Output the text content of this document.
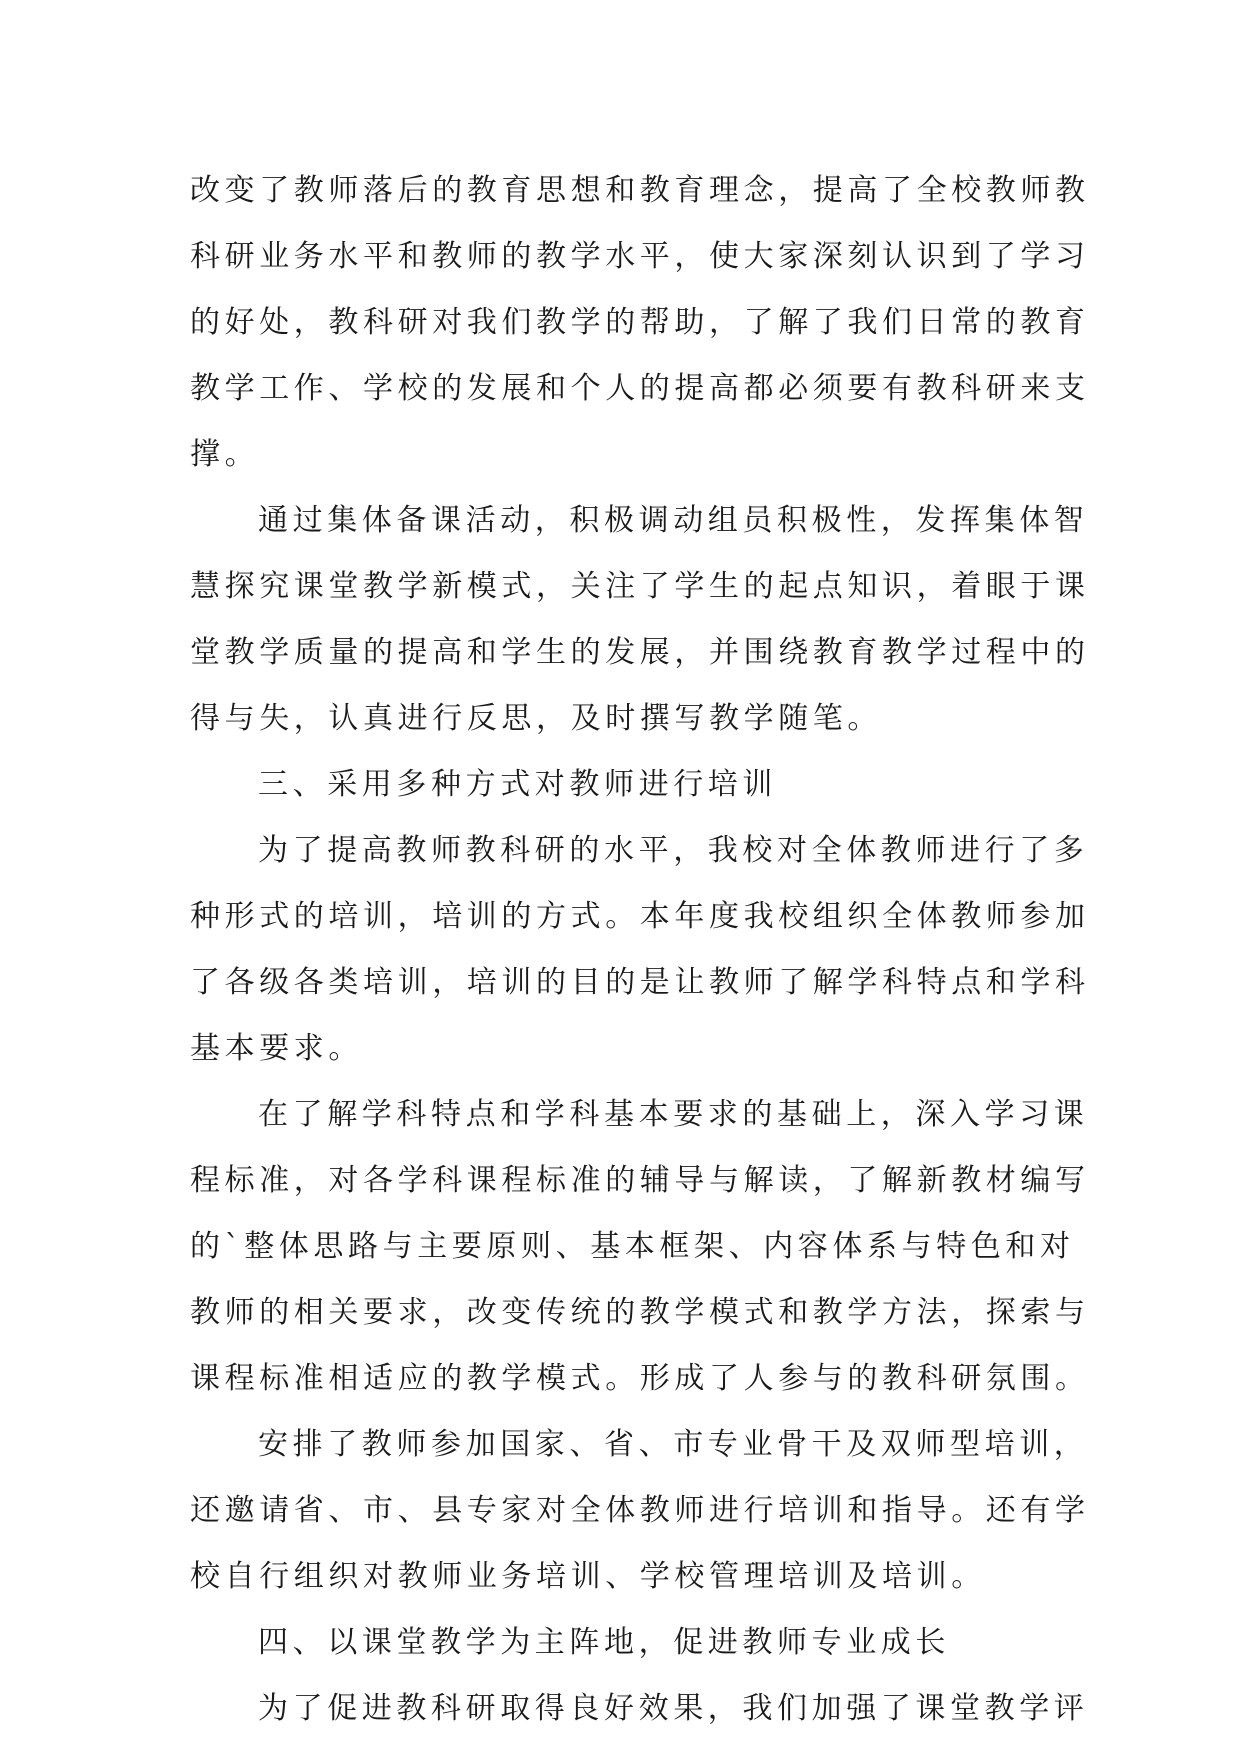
改变了教师落后的教育思想和教育理念，提高了全校教师教
科研业务水平和教师的教学水平，使大家深刻认识到了学习
的好处，教科研对我们教学的帮助，了解了我们日常的教育
教学工作、学校的发展和个人的提高都必须要有教科研来支
撑。
通过集体备课活动，积极调动组员积极性，发挥集体智
慧探究课堂教学新模式，关注了学生的起点知识，着眼于课
堂教学质量的提高和学生的发展，并围绕教育教学过程中的
得与失，认真进行反思，及时撰写教学随笔。
三、采用多种方式对教师进行培训
为了提高教师教科研的水平，我校对全体教师进行了多
种形式的培训，培训的方式。本年度我校组织全体教师参加
了各级各类培训，培训的目的是让教师了解学科特点和学科
基本要求。
在了解学科特点和学科基本要求的基础上，深入学习课
程标准，对各学科课程标准的辅导与解读，了解新教材编写
的`整体思路与主要原则、基本框架、内容体系与特色和对
教师的相关要求，改变传统的教学模式和教学方法，探索与
课程标准相适应的教学模式。形成了人参与的教科研氛围。
安排了教师参加国家、省、市专业骨干及双师型培训，
还邀请省、市、县专家对全体教师进行培训和指导。还有学
校自行组织对教师业务培训、学校管理培训及培训。
四、以课堂教学为主阵地，促进教师专业成长
为了促进教科研取得良好效果，我们加强了课堂教学评
